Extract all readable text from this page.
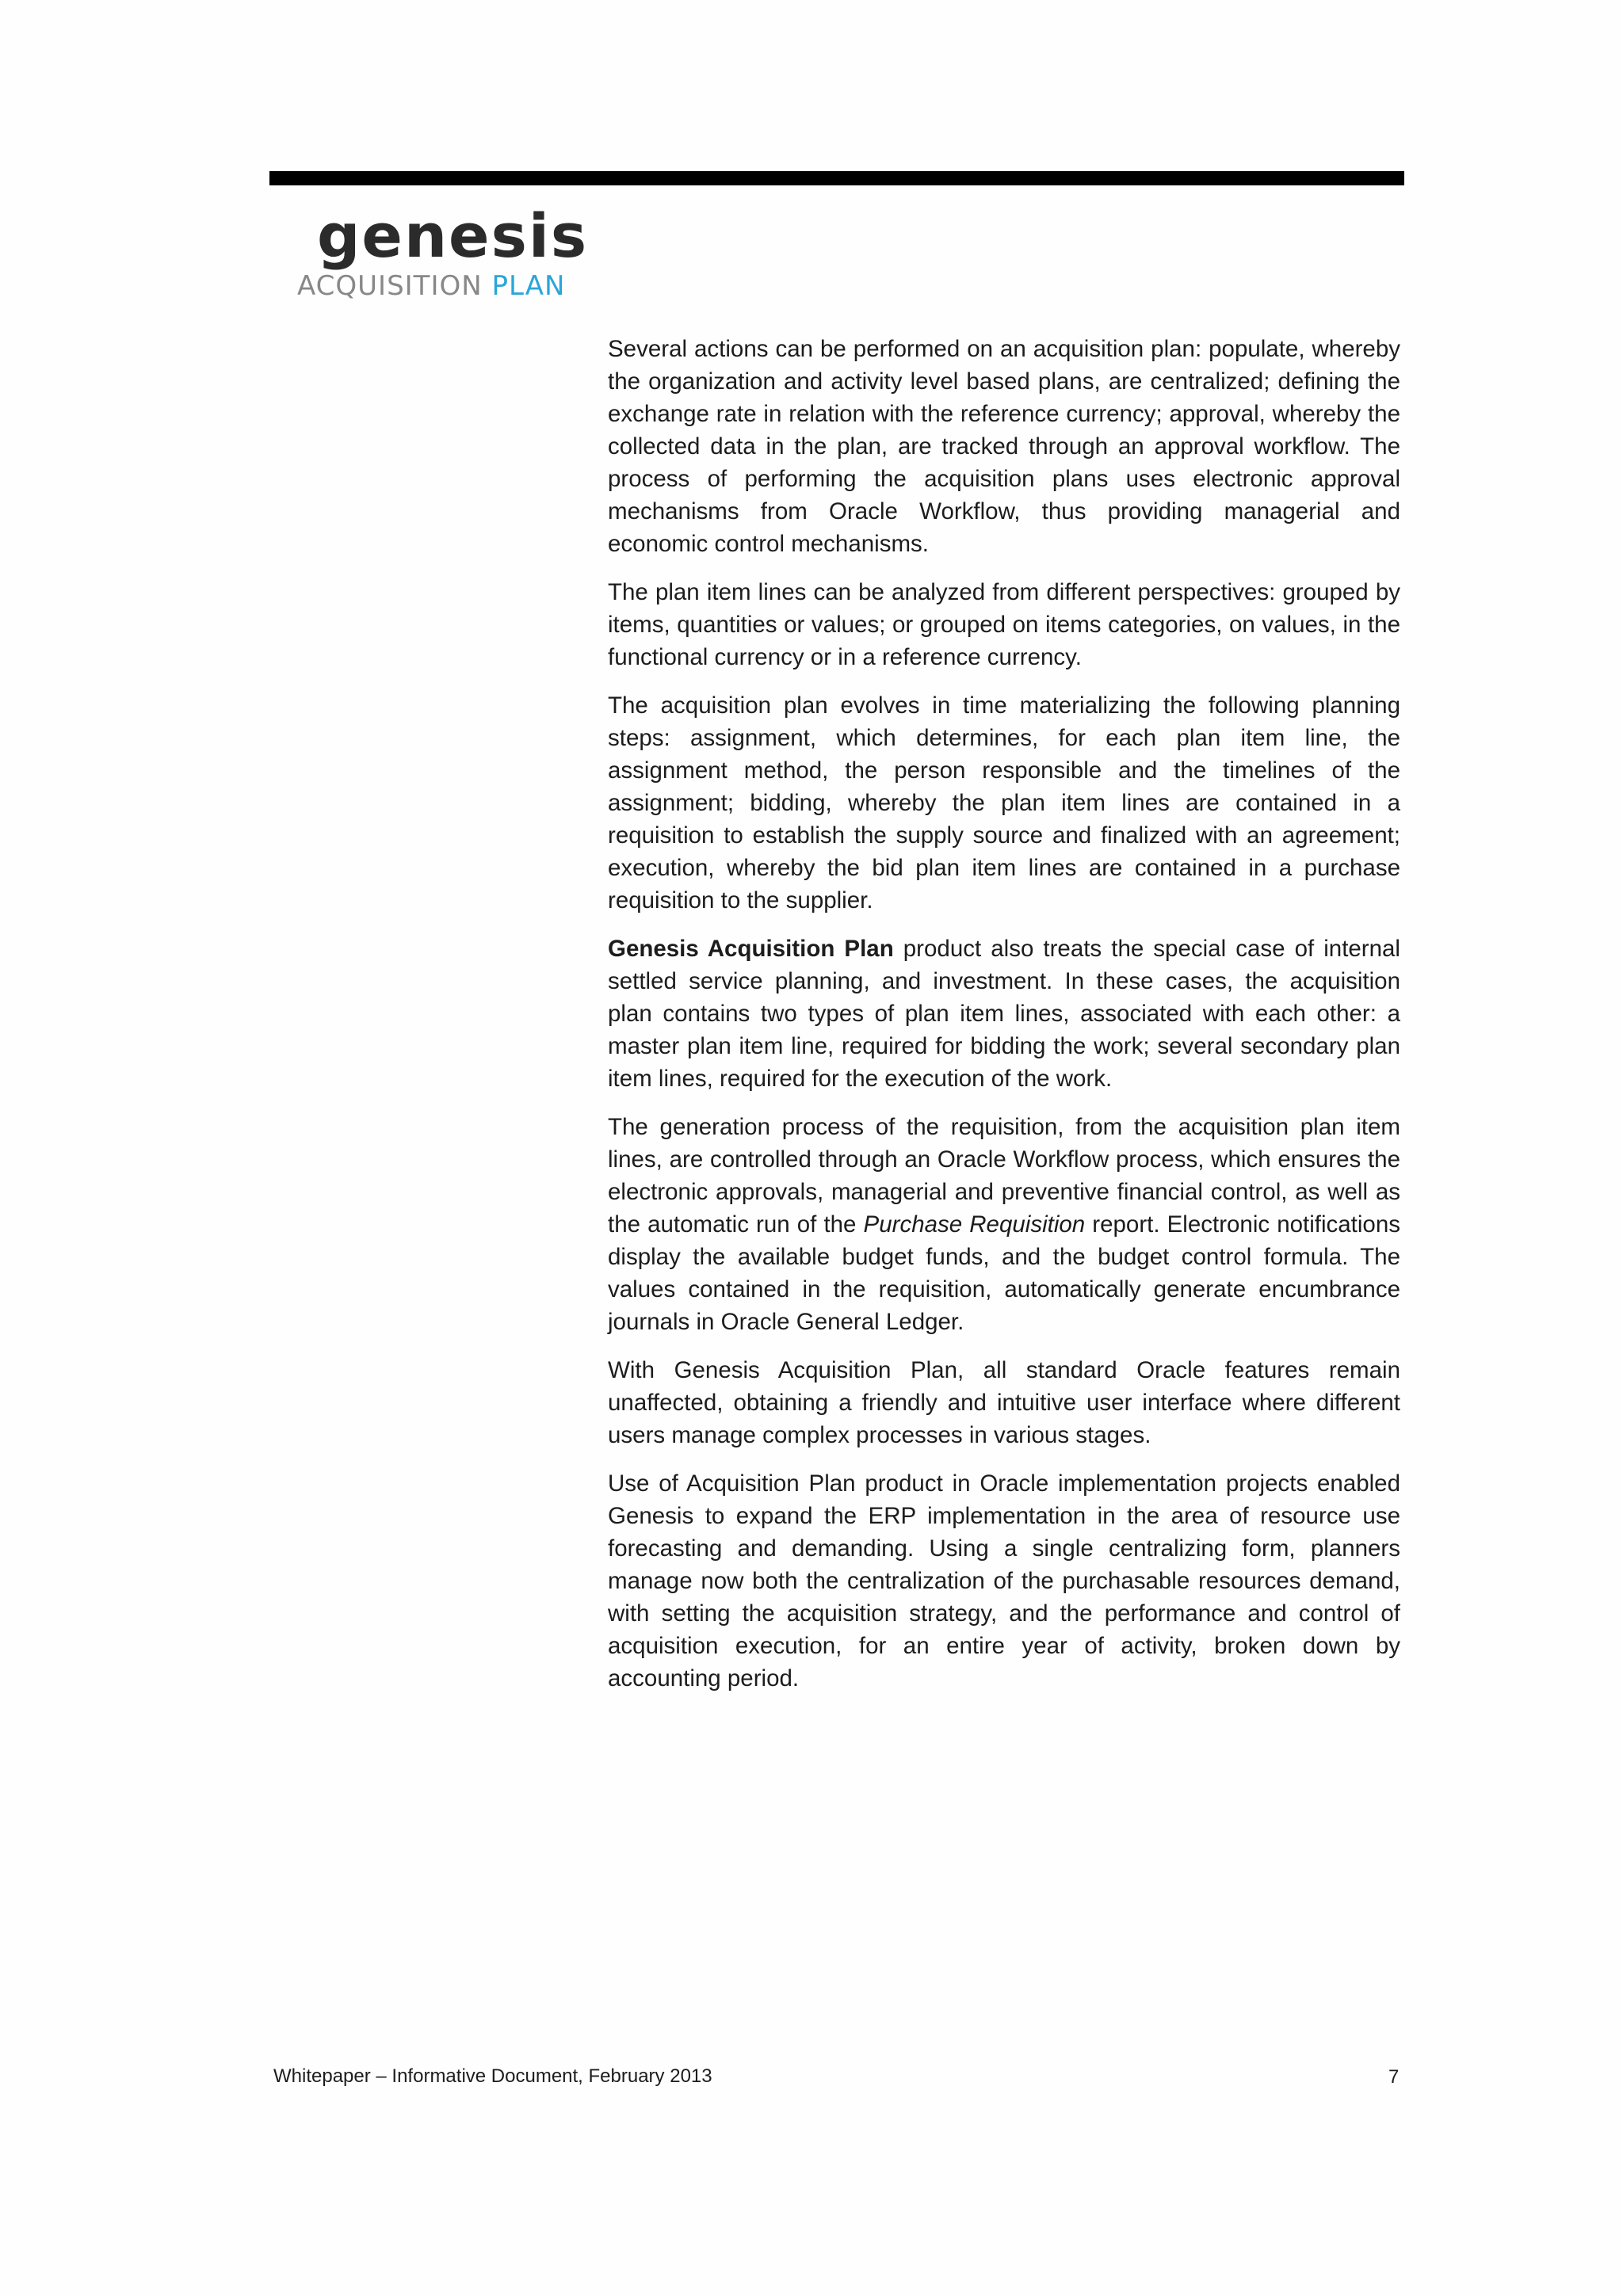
genesis
ACQUISITION PLAN

Several actions can be performed on an acquisition plan: populate, whereby the organization and activity level based plans, are centralized; defining the exchange rate in relation with the reference currency; approval, whereby the collected data in the plan, are tracked through an approval workflow. The process of performing the acquisition plans uses electronic approval mechanisms from Oracle Workflow, thus providing managerial and economic control mechanisms.

The plan item lines can be analyzed from different perspectives: grouped by items, quantities or values; or grouped on items categories, on values, in the functional currency or in a reference currency.

The acquisition plan evolves in time materializing the following planning steps: assignment, which determines, for each plan item line, the assignment method, the person responsible and the timelines of the assignment; bidding, whereby the plan item lines are contained in a requisition to establish the supply source and finalized with an agreement; execution, whereby the bid plan item lines are contained in a purchase requisition to the supplier.

Genesis Acquisition Plan product also treats the special case of internal settled service planning, and investment. In these cases, the acquisition plan contains two types of plan item lines, associated with each other: a master plan item line, required for bidding the work; several secondary plan item lines, required for the execution of the work.

The generation process of the requisition, from the acquisition plan item lines, are controlled through an Oracle Workflow process, which ensures the electronic approvals, managerial and preventive financial control, as well as the automatic run of the Purchase Requisition report. Electronic notifications display the available budget funds, and the budget control formula. The values contained in the requisition, automatically generate encumbrance journals in Oracle General Ledger.

With Genesis Acquisition Plan, all standard Oracle features remain unaffected, obtaining a friendly and intuitive user interface where different users manage complex processes in various stages.

Use of Acquisition Plan product in Oracle implementation projects enabled Genesis to expand the ERP implementation in the area of resource use forecasting and demanding. Using a single centralizing form, planners manage now both the centralization of the purchasable resources demand, with setting the acquisition strategy, and the performance and control of acquisition execution, for an entire year of activity, broken down by accounting period.

Whitepaper – Informative Document, February 2013	7
